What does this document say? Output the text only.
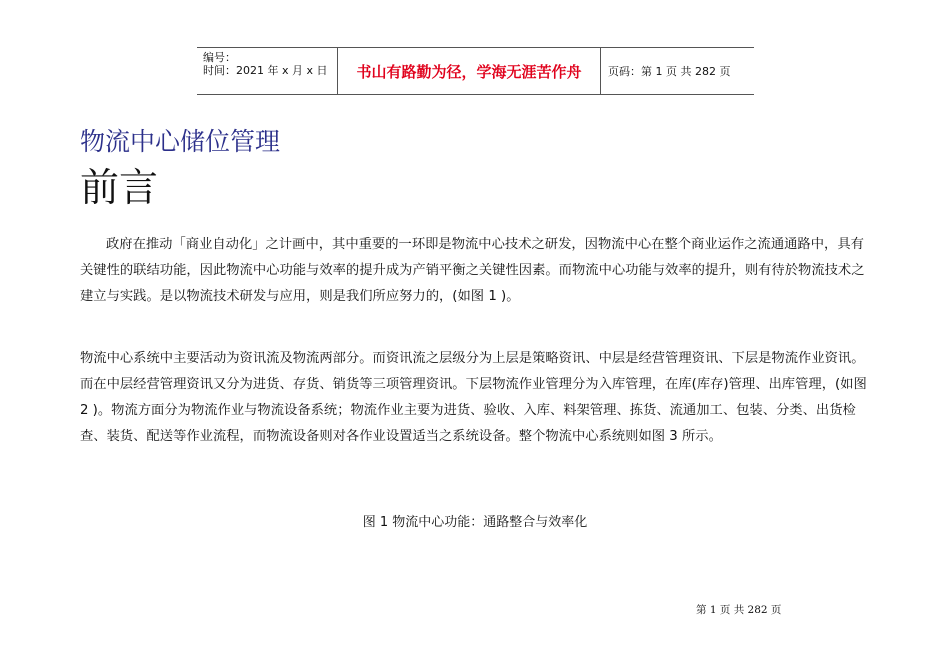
编号：
时间：2021 年 x 月 x 日	书山有路勤为径，学海无涯苦作舟	页码：第 1 页 共 282 页
物流中心储位管理
前言
政府在推动「商业自动化」之计画中，其中重要的一环即是物流中心技术之研发，因物流中心在整个商业运作之流通通路中，具有关键性的联结功能，因此物流中心功能与效率的提升成为产销平衡之关键性因素。而物流中心功能与效率的提升，则有待於物流技术之建立与实践。是以物流技术研发与应用，则是我们所应努力的，(如图 1 )。
物流中心系统中主要活动为资讯流及物流两部分。而资讯流之层级分为上层是策略资讯、中层是经营管理资讯、下层是物流作业资讯。而在中层经营管理资讯又分为进货、存货、销货等三项管理资讯。下层物流作业管理分为入库管理，在库(库存)管理、出库管理，(如图 2 )。物流方面分为物流作业与物流设备系统；物流作业主要为进货、验收、入库、料架管理、拣货、流通加工、包装、分类、出货检查、装货、配送等作业流程，而物流设备则对各作业设置适当之系统设备。整个物流中心系统则如图 3 所示。
图 1 物流中心功能：通路整合与效率化
第 1 页 共 282 页
